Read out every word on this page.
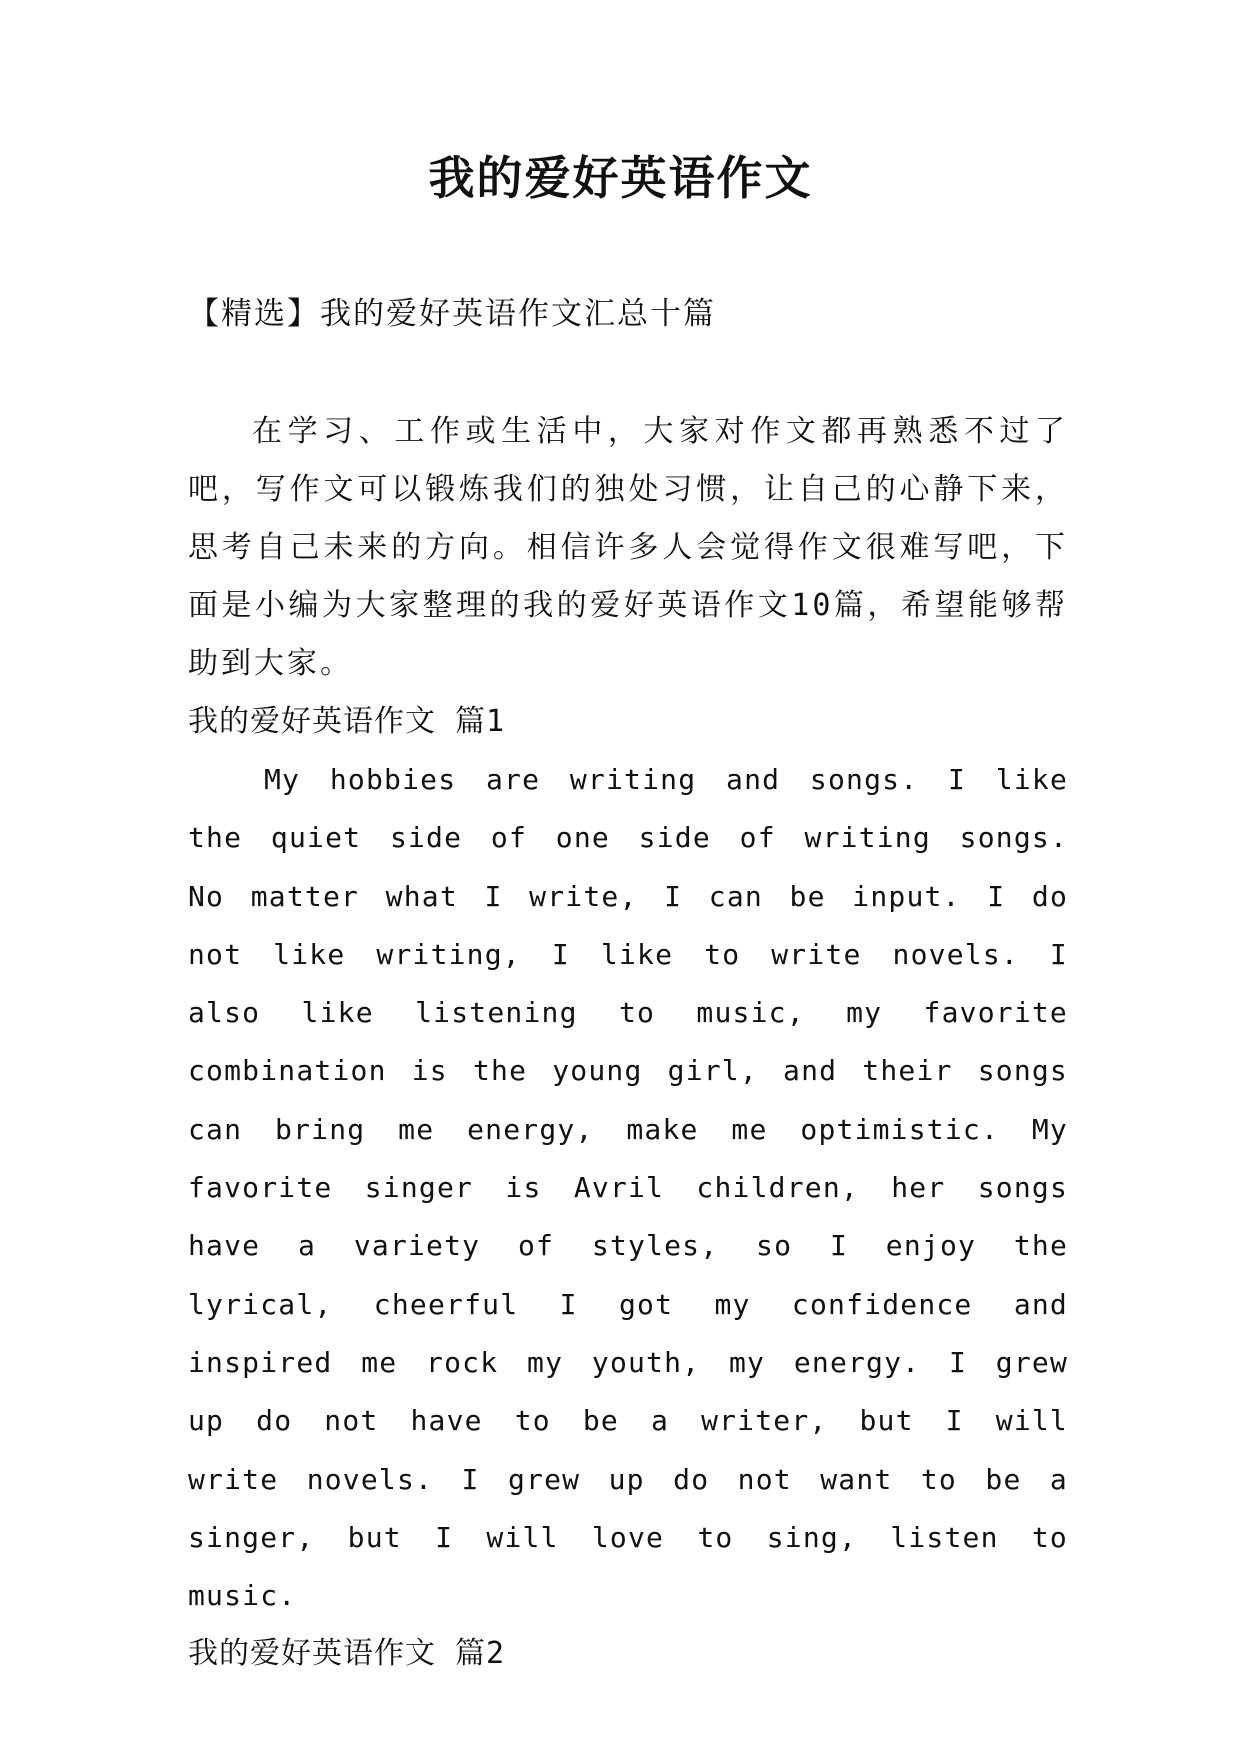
我的爱好英语作文

【精选】我的爱好英语作文汇总十篇

在学习、工作或生活中，大家对作文都再熟悉不过了吧，写作文可以锻炼我们的独处习惯，让自己的心静下来，思考自己未来的方向。相信许多人会觉得作文很难写吧，下面是小编为大家整理的我的爱好英语作文10篇，希望能够帮助到大家。

我的爱好英语作文 篇1

My hobbies are writing and songs. I like the quiet side of one side of writing songs. No matter what I write, I can be input. I do not like writing, I like to write novels. I also like listening to music, my favorite combination is the young girl, and their songs can bring me energy, make me optimistic. My favorite singer is Avril children, her songs have a variety of styles, so I enjoy the lyrical, cheerful I got my confidence and inspired me rock my youth, my energy. I grew up do not have to be a writer, but I will write novels. I grew up do not want to be a singer, but I will love to sing, listen to music.

我的爱好英语作文 篇2
